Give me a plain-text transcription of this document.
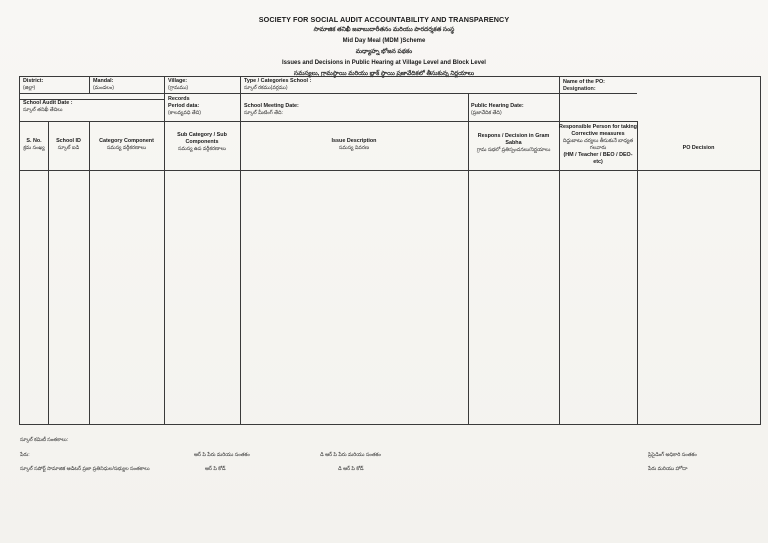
SOCIETY FOR SOCIAL AUDIT ACCOUNTABILITY AND TRANSPARENCY
సామాజిక తనిఖీ జవాబుదారీతనం మరియు పారదర్శకత సంస్థ
Mid Day Meal (MDM )Scheme
మధ్యాహ్న భోజన పథకం
Issues and Decisions in Public Hearing at Village Level and Block Level
సమస్యలు, గ్రామస్థాయి మరియు బ్లాక్ స్థాయి ప్రజావేదికలో తీసుకున్న నిర్ణయాలు
District:
(జిల్లా)
Mandal:
(మండలం)
Village:
(గ్రామము)
Type / Categories School :
స్కూల్ రకము(వర్గము)
Name of the PO:
Designation:
School Audit Date :
స్కూల్ తనిఖీ తేదిలు
Records
Period data:
(కాలవ్యవధి తేది)
School Meeting Date:
స్కూల్ మీటింగ్ తేది:
Public Hearing Date:
(ప్రజావేదిక తేది)
S. No.
క్రమ సంఖ్య
School ID
స్కూల్ ఐడి
Category Component
సమస్య వర్గీకరణాలు
Sub Category / Sub
Components
సమస్య ఉప వర్గీకరణాలు
Issue Description
సమస్య వివరణ
Respons / Decision in Gram
Sabha
గ్రామ సభలో ప్రతిస్పందనలు/నిర్ణయాలు
Responsible Person for taking
Corrective measures
దిద్దుబాటు చర్యలు తీసుకునే బాధ్యత
గలవారు
(HM / Teacher / BEO / DEO-
etc)
PO Decision
స్కూల్ కమిటీ సంతకాలు:
పేరు:
స్కూల్ సపోర్ట్ సామాజిక ఆడిటర్ ప్రజా ప్రతినిధుల/సభ్యుల సంతకాలు
ఆర్ పి పేరు మరియు సంతకం
ఆర్ పి కోడ్
డి ఆర్ పి పేరు మరియు సంతకం
డి ఆర్ పి కోడ్
ప్రిసైడింగ్ అధికారి సంతకం
పేరు మరియు హోదా
